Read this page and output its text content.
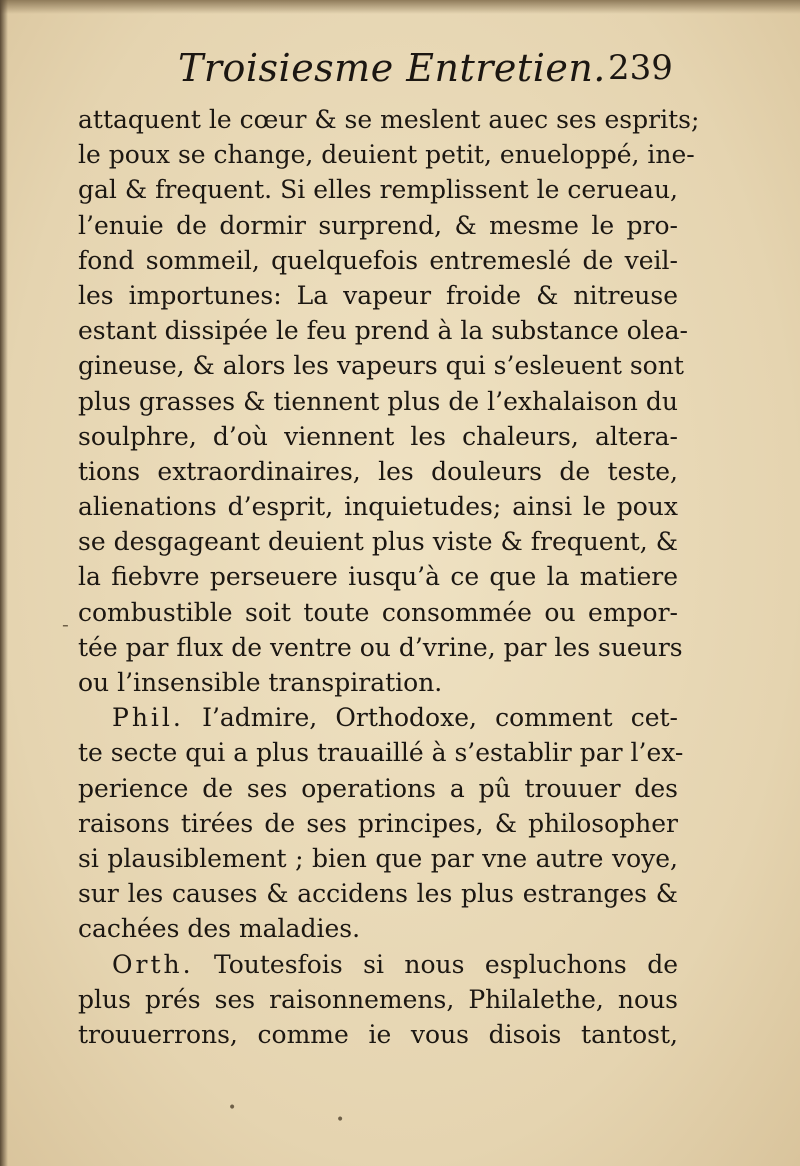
Troisiesme Entretien. 239
attaquent le cœur & se meslent auec ses esprits;
le poux se change, deuient petit, enueloppé, ine-
gal & frequent. Si elles remplissent le cerueau,
l’enuie de dormir surprend, & mesme le pro-
fond sommeil, quelquefois entremeslé de veil-
les importunes: La vapeur froide & nitreuse
estant dissipée le feu prend à la substance olea-
gineuse, & alors les vapeurs qui s’esleuent sont
plus grasses & tiennent plus de l’exhalaison du
soulphre, d’où viennent les chaleurs, altera-
tions extraordinaires, les douleurs de teste,
alienations d’esprit, inquietudes; ainsi le poux
se desgageant deuient plus viste & frequent, &
la fiebvre perseuere iusqu’à ce que la matiere
combustible soit toute consommée ou empor-
tée par flux de ventre ou d’vrine, par les sueurs
ou l’insensible transpiration.
Phil. I’admire, Orthodoxe, comment cet-
te secte qui a plus trauaillé à s’establir par l’ex-
perience de ses operations a pû trouuer des
raisons tirées de ses principes, & philosopher
si plausiblement ; bien que par vne autre voye,
sur les causes & accidens les plus estranges &
cachées des maladies.
Orth. Toutesfois si nous espluchons de
plus prés ses raisonnemens, Philalethe, nous
trouuerrons, comme ie vous disois tantost,
-
•
•
